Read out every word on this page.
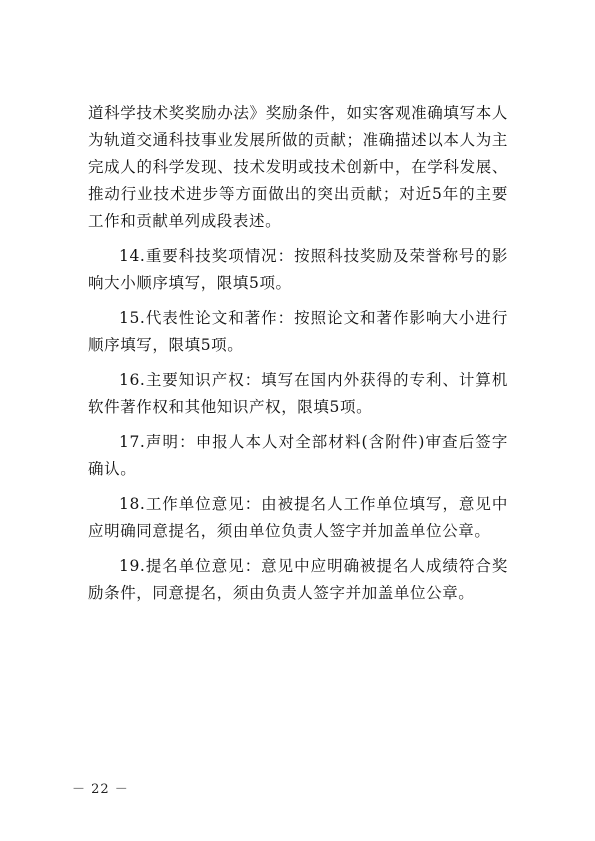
道科学技术奖奖励办法》奖励条件，如实客观准确填写本人为轨道交通科技事业发展所做的贡献；准确描述以本人为主完成人的科学发现、技术发明或技术创新中，在学科发展、推动行业技术进步等方面做出的突出贡献；对近5年的主要工作和贡献单列成段表述。

14.重要科技奖项情况：按照科技奖励及荣誉称号的影响大小顺序填写，限填5项。

15.代表性论文和著作：按照论文和著作影响大小进行顺序填写，限填5项。

16.主要知识产权：填写在国内外获得的专利、计算机软件著作权和其他知识产权，限填5项。

17.声明：申报人本人对全部材料(含附件)审查后签字确认。

18.工作单位意见：由被提名人工作单位填写，意见中应明确同意提名，须由单位负责人签字并加盖单位公章。

19.提名单位意见：意见中应明确被提名人成绩符合奖励条件，同意提名，须由负责人签字并加盖单位公章。

－ 22 －
